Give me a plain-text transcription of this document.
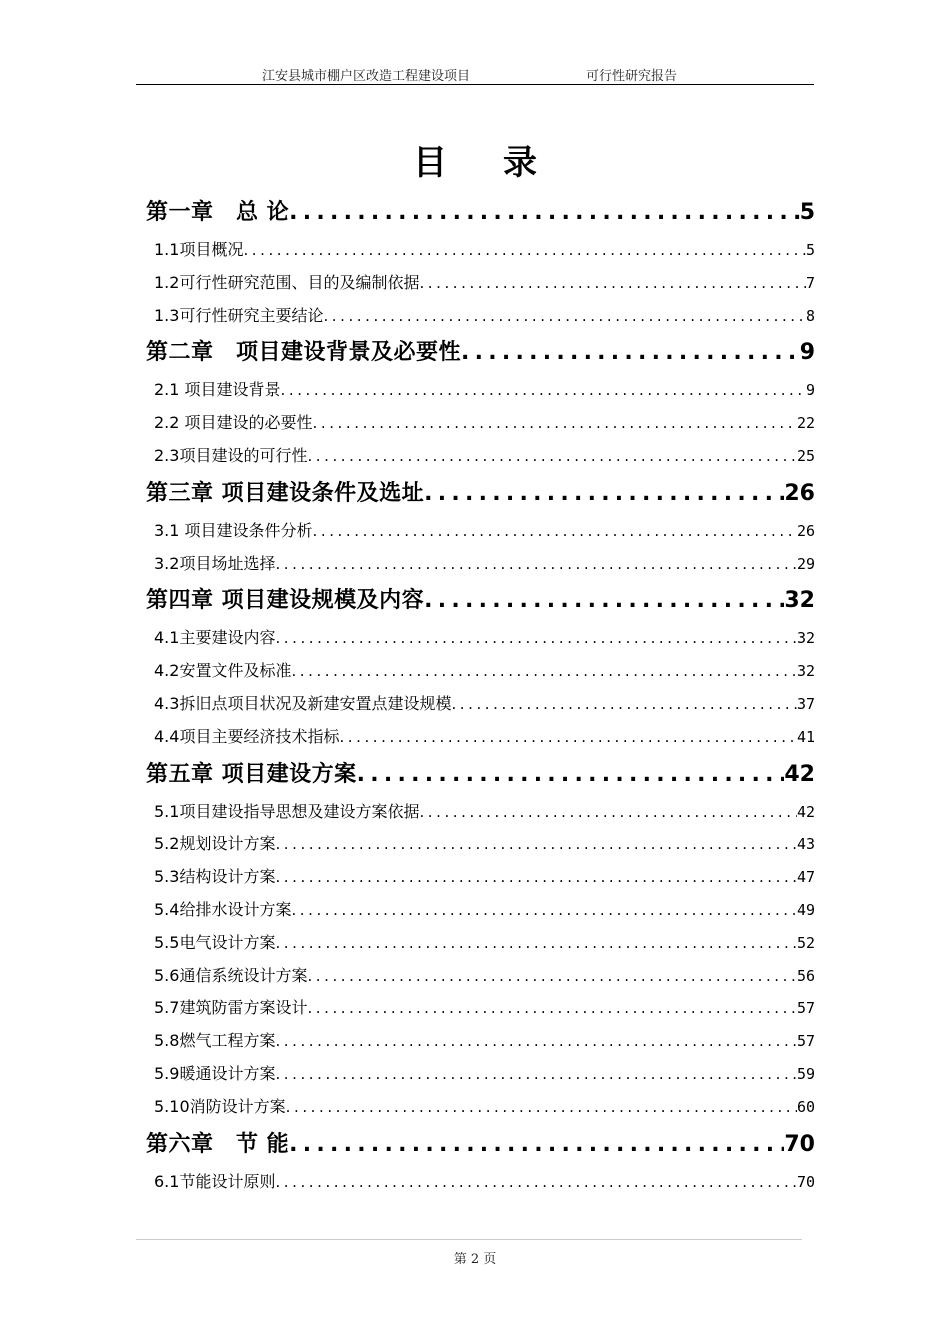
江安县城市棚户区改造工程建设项目	可行性研究报告
目录
第一章　总 论 . . .	5
1.1项目概况 . . .	5
1.2可行性研究范围、目的及编制依据 . . .	7
1.3可行性研究主要结论 . . .	8
第二章　项目建设背景及必要性 . . .	9
2.1 项目建设背景 . . .	9
2.2 项目建设的必要性 . . .	22
2.3项目建设的可行性 . . .	25
第三章 项目建设条件及选址 . . .	26
3.1 项目建设条件分析 . . .	26
3.2项目场址选择 . . .	29
第四章 项目建设规模及内容 . . .	32
4.1主要建设内容 . . .	32
4.2安置文件及标准 . . .	32
4.3拆旧点项目状况及新建安置点建设规模 . . .	37
4.4项目主要经济技术指标 . . .	41
第五章 项目建设方案 . . .	42
5.1项目建设指导思想及建设方案依据 . . .	42
5.2规划设计方案 . . .	43
5.3结构设计方案 . . .	47
5.4给排水设计方案 . . .	49
5.5电气设计方案 . . .	52
5.6通信系统设计方案 . . .	56
5.7建筑防雷方案设计 . . .	57
5.8燃气工程方案 . . .	57
5.9暖通设计方案 . . .	59
5.10消防设计方案 . . .	60
第六章　节 能 . . .	70
6.1节能设计原则 . . .	70
第 2 页
